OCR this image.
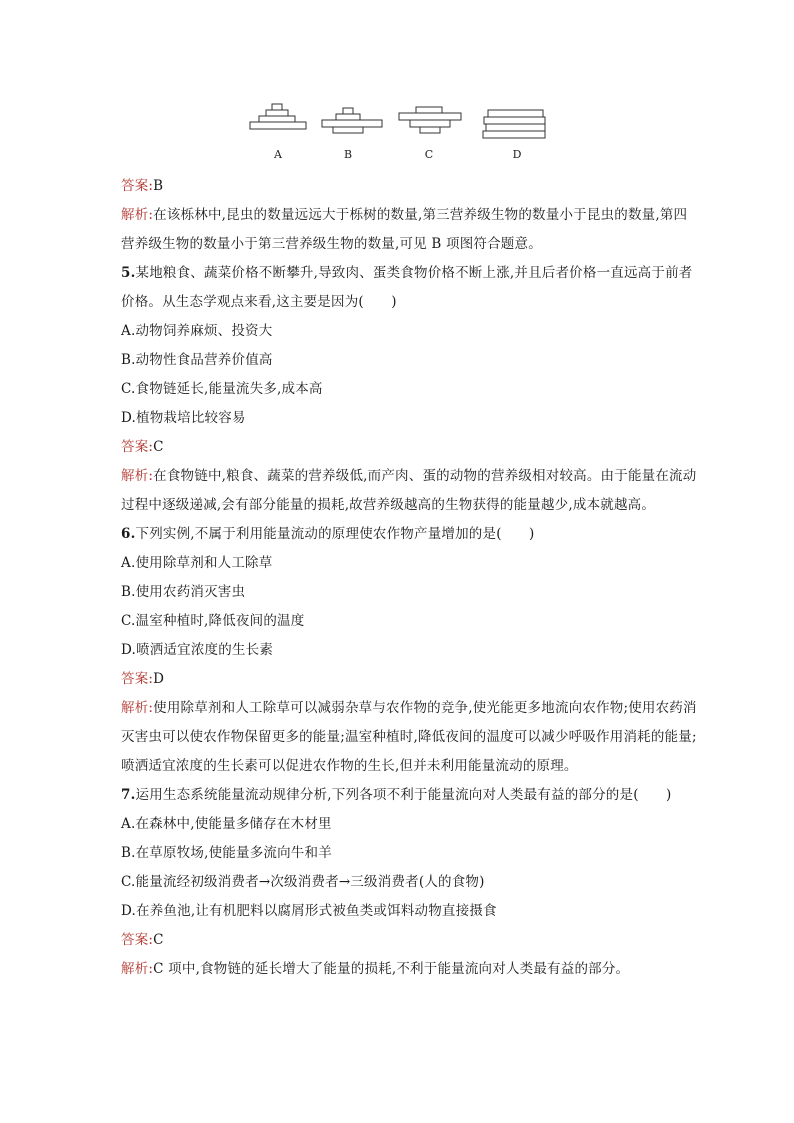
A	B	C	D
答案:B
解析:在该栎林中,昆虫的数量远远大于栎树的数量,第三营养级生物的数量小于昆虫的数量,第四
营养级生物的数量小于第三营养级生物的数量,可见 B 项图符合题意。
5.某地粮食、蔬菜价格不断攀升,导致肉、蛋类食物价格不断上涨,并且后者价格一直远高于前者
价格。从生态学观点来看,这主要是因为(　　)
A.动物饲养麻烦、投资大
B.动物性食品营养价值高
C.食物链延长,能量流失多,成本高
D.植物栽培比较容易
答案:C
解析:在食物链中,粮食、蔬菜的营养级低,而产肉、蛋的动物的营养级相对较高。由于能量在流动
过程中逐级递减,会有部分能量的损耗,故营养级越高的生物获得的能量越少,成本就越高。
6.下列实例,不属于利用能量流动的原理使农作物产量增加的是(　　)
A.使用除草剂和人工除草
B.使用农药消灭害虫
C.温室种植时,降低夜间的温度
D.喷洒适宜浓度的生长素
答案:D
解析:使用除草剂和人工除草可以减弱杂草与农作物的竞争,使光能更多地流向农作物;使用农药消
灭害虫可以使农作物保留更多的能量;温室种植时,降低夜间的温度可以减少呼吸作用消耗的能量;
喷洒适宜浓度的生长素可以促进农作物的生长,但并未利用能量流动的原理。
7.运用生态系统能量流动规律分析,下列各项不利于能量流向对人类最有益的部分的是(　　)
A.在森林中,使能量多储存在木材里
B.在草原牧场,使能量多流向牛和羊
C.能量流经初级消费者→次级消费者→三级消费者(人的食物)
D.在养鱼池,让有机肥料以腐屑形式被鱼类或饵料动物直接摄食
答案:C
解析:C 项中,食物链的延长增大了能量的损耗,不利于能量流向对人类最有益的部分。
